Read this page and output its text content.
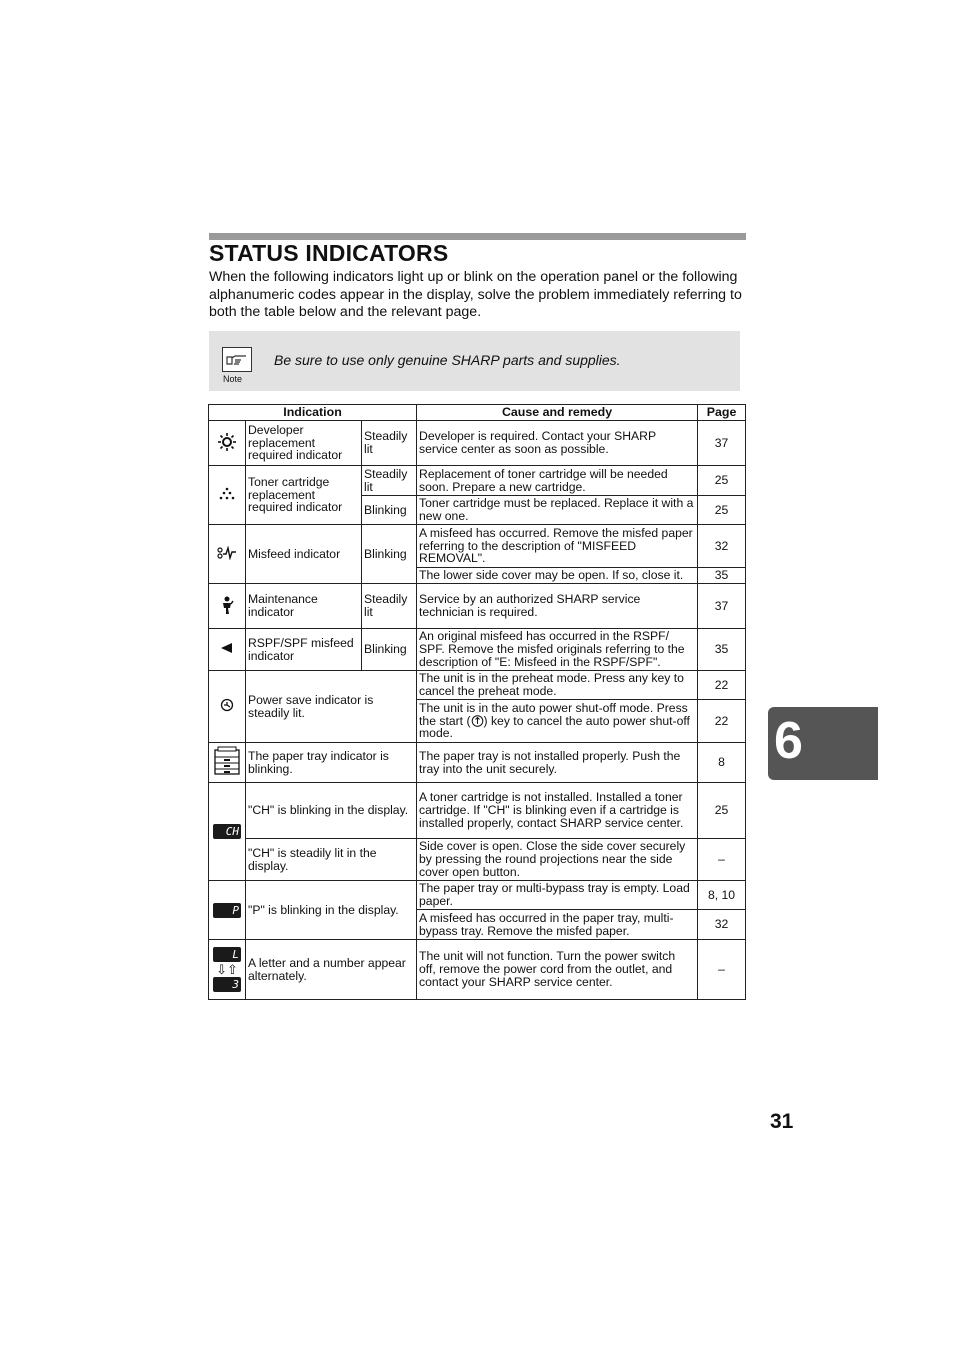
STATUS INDICATORS

When the following indicators light up or blink on the operation panel or the following alphanumeric codes appear in the display, solve the problem immediately referring to both the table below and the relevant page.

Note
Be sure to use only genuine SHARP parts and supplies.
Indication			Cause and remedy	Page
	Developer replacement required indicator	Steadily lit	Developer is required. Contact your SHARP service center as soon as possible.	37
	Toner cartridge replacement required indicator	Steadily lit	Replacement of toner cartridge will be needed soon. Prepare a new cartridge.	25
		Blinking	Toner cartridge must be replaced. Replace it with a new one.	25
	Misfeed indicator	Blinking	A misfeed has occurred. Remove the misfed paper referring to the description of "MISFEED REMOVAL".	32
			The lower side cover may be open. If so, close it.	35
	Maintenance indicator	Steadily lit	Service by an authorized SHARP service technician is required.	37
	RSPF/SPF misfeed indicator	Blinking	An original misfeed has occurred in the RSPF/ SPF. Remove the misfed originals referring to the description of "E: Misfeed in the RSPF/SPF".	35
	Power save indicator is steadily lit.		The unit is in the preheat mode. Press any key to cancel the preheat mode.	22
			The unit is in the auto power shut-off mode. Press the start ( ) key to cancel the auto power shut-off mode.	22
	The paper tray indicator is blinking.		The paper tray is not installed properly. Push the tray into the unit securely.	8
CH	"CH" is blinking in the display.		A toner cartridge is not installed. Installed a toner cartridge. If "CH" is blinking even if a cartridge is installed properly, contact SHARP service center.	25
	"CH" is steadily lit in the display.		Side cover is open. Close the side cover securely by pressing the round projections near the side cover open button.	–
P	"P" is blinking in the display.		The paper tray or multi-bypass tray is empty. Load paper.	8, 10
			A misfeed has occurred in the paper tray, multi-bypass tray. Remove the misfed paper.	32
L
⇩⇧
3	A letter and a number appear alternately.		The unit will not function. Turn the power switch off, remove the power cord from the outlet, and contact your SHARP service center.	–
6
31
